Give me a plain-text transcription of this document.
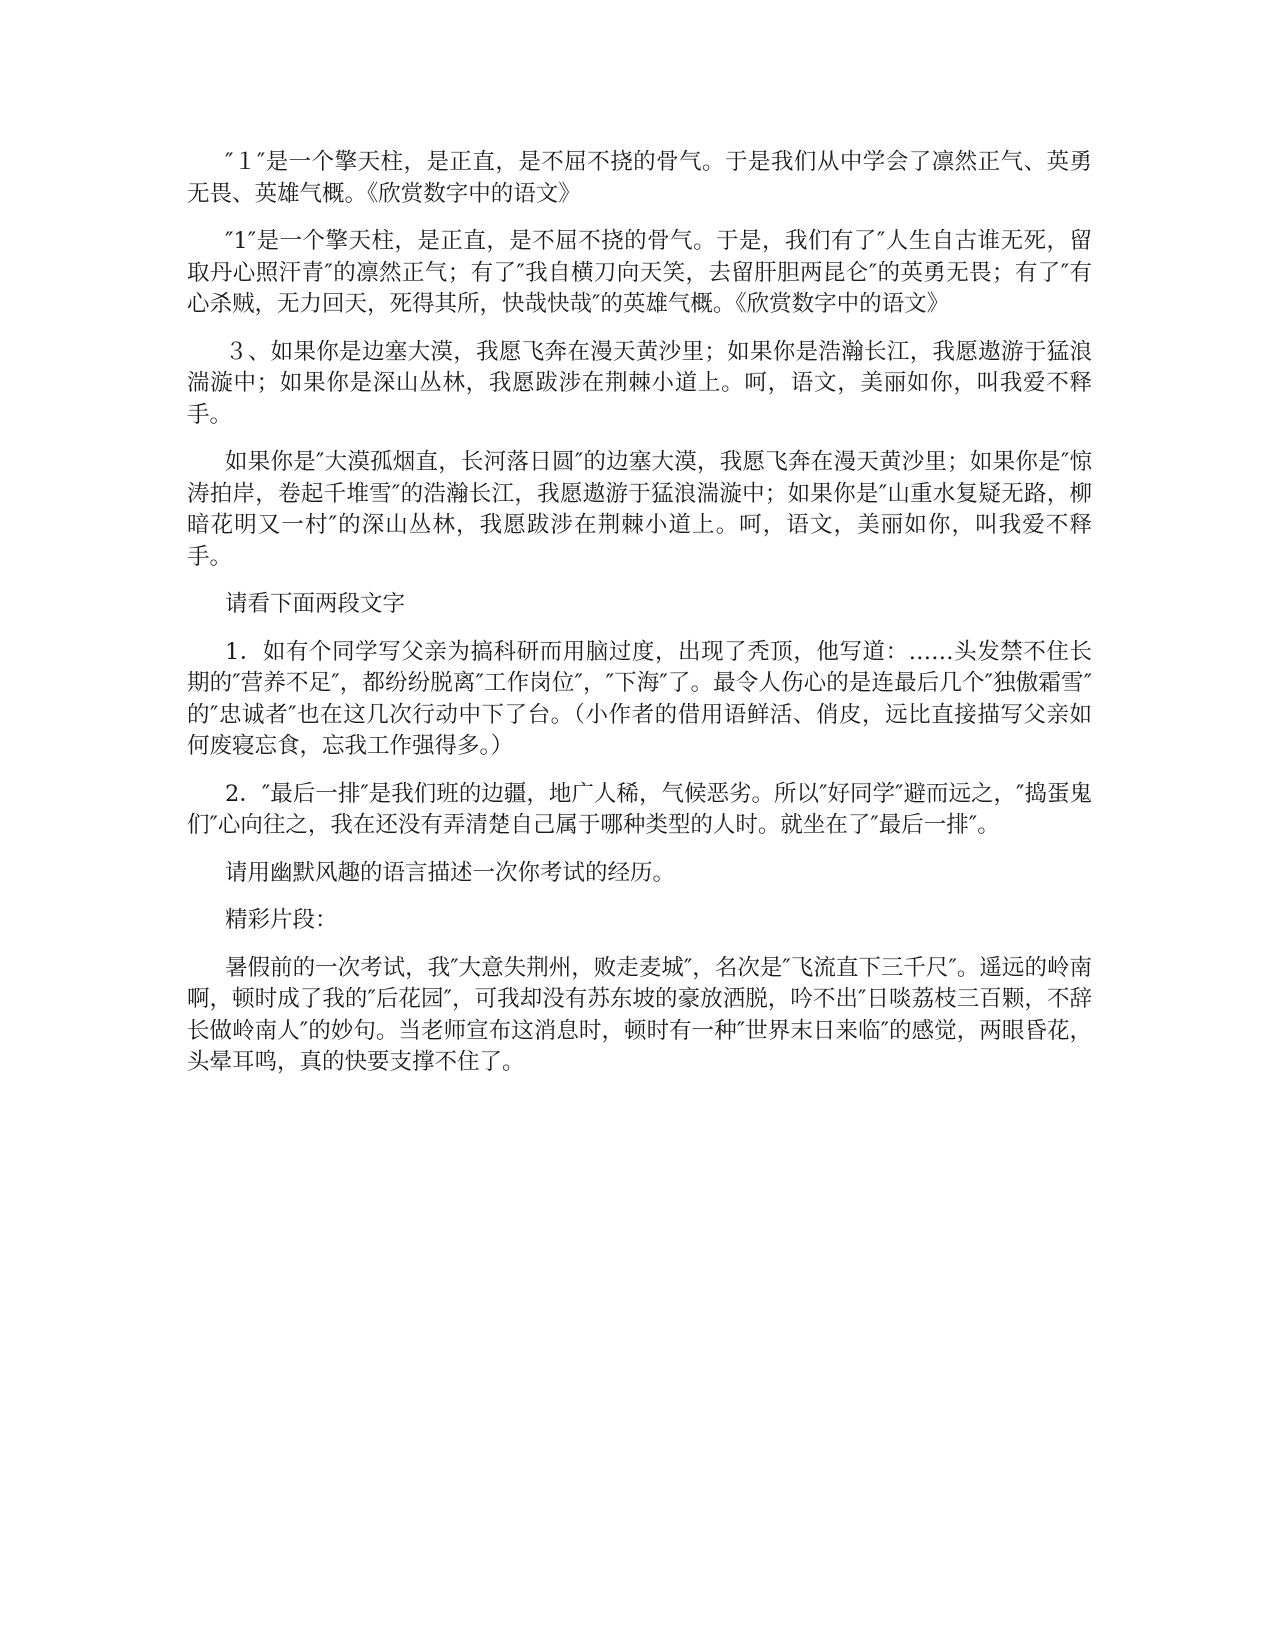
″１″是一个擎天柱，是正直，是不屈不挠的骨气。于是我们从中学会了凛然正气、英勇无畏、英雄气概。《欣赏数字中的语文》

″1″是一个擎天柱，是正直，是不屈不挠的骨气。于是，我们有了″人生自古谁无死，留取丹心照汗青″的凛然正气；有了″我自横刀向天笑，去留肝胆两昆仑″的英勇无畏；有了″有心杀贼，无力回天，死得其所，快哉快哉″的英雄气概。《欣赏数字中的语文》

３、如果你是边塞大漠，我愿飞奔在漫天黄沙里；如果你是浩瀚长江，我愿遨游于猛浪湍漩中；如果你是深山丛林，我愿跋涉在荆棘小道上。呵，语文，美丽如你，叫我爱不释手。

如果你是″大漠孤烟直，长河落日圆″的边塞大漠，我愿飞奔在漫天黄沙里；如果你是″惊涛拍岸，卷起千堆雪″的浩瀚长江，我愿遨游于猛浪湍漩中；如果你是″山重水复疑无路，柳暗花明又一村″的深山丛林，我愿跋涉在荆棘小道上。呵，语文，美丽如你，叫我爱不释手。

请看下面两段文字

1．如有个同学写父亲为搞科研而用脑过度，出现了秃顶，他写道：……头发禁不住长期的″营养不足″，都纷纷脱离″工作岗位″，″下海″了。最令人伤心的是连最后几个″独傲霜雪″的″忠诚者″也在这几次行动中下了台。（小作者的借用语鲜活、俏皮，远比直接描写父亲如何废寝忘食，忘我工作强得多。）

2．″最后一排″是我们班的边疆，地广人稀，气候恶劣。所以″好同学″避而远之，″捣蛋鬼们″心向往之，我在还没有弄清楚自己属于哪种类型的人时。就坐在了″最后一排″。

请用幽默风趣的语言描述一次你考试的经历。

精彩片段：

暑假前的一次考试，我″大意失荆州，败走麦城″，名次是″飞流直下三千尺″。遥远的岭南啊，顿时成了我的″后花园″，可我却没有苏东坡的豪放洒脱，吟不出″日啖荔枝三百颗，不辞长做岭南人″的妙句。当老师宣布这消息时，顿时有一种″世界末日来临″的感觉，两眼昏花，头晕耳鸣，真的快要支撑不住了。
